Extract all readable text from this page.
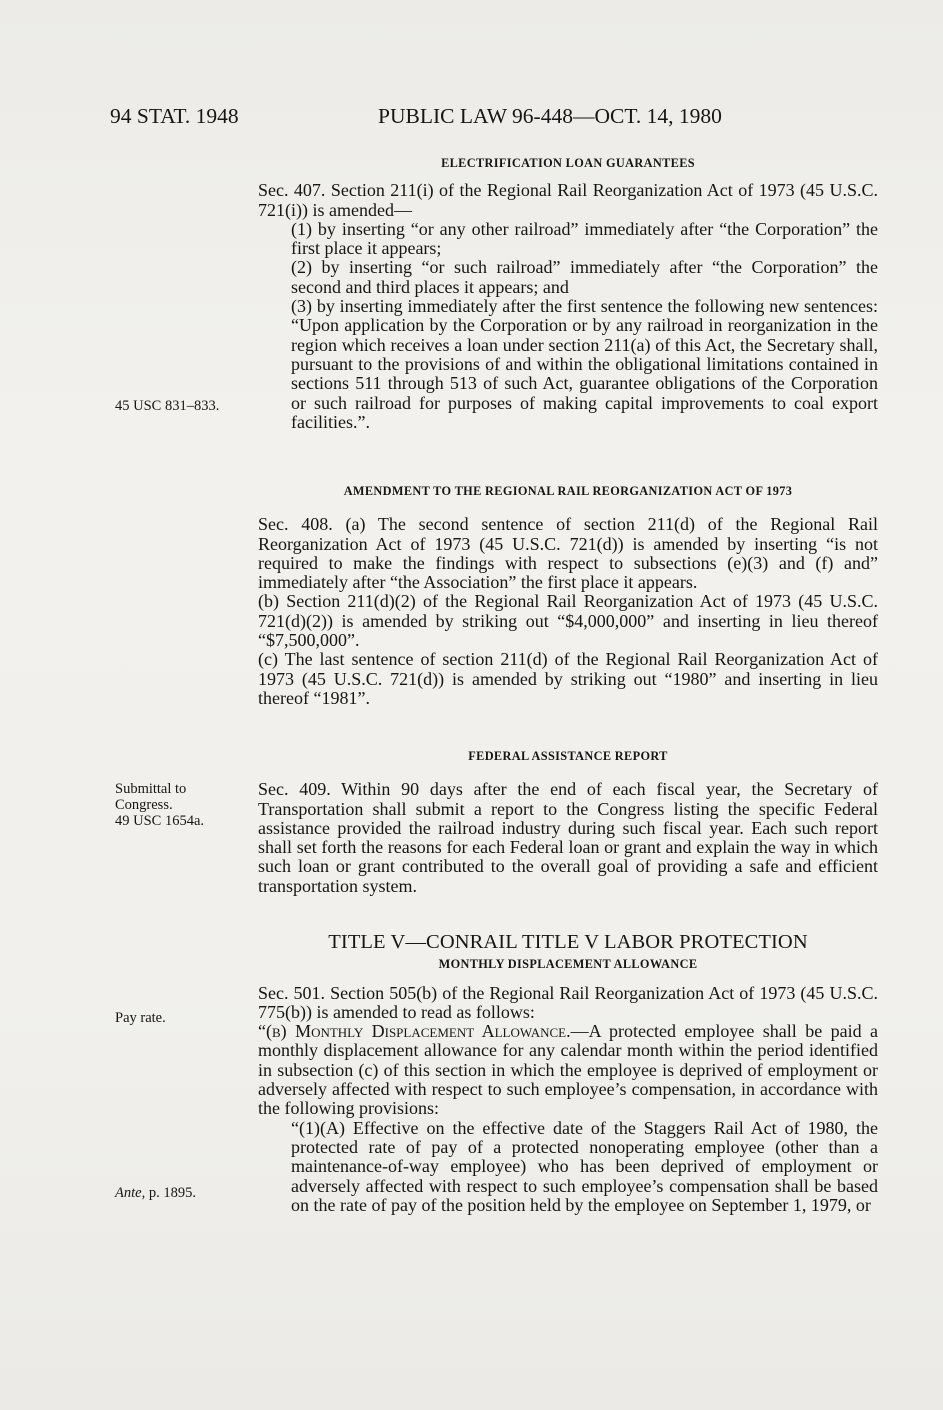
94 STAT. 1948	PUBLIC LAW 96-448—OCT. 14, 1980

ELECTRIFICATION LOAN GUARANTEES

Sec. 407. Section 211(i) of the Regional Rail Reorganization Act of 1973 (45 U.S.C. 721(i)) is amended—

(1) by inserting “or any other railroad” immediately after “the Corporation” the first place it appears;

(2) by inserting “or such railroad” immediately after “the Corporation” the second and third places it appears; and

(3) by inserting immediately after the first sentence the following new sentences: “Upon application by the Corporation or by any railroad in reorganization in the region which receives a loan under section 211(a) of this Act, the Secretary shall, pursuant to the provisions of and within the obligational limitations contained in sections 511 through 513 of such Act, guarantee obligations of the Corporation or such railroad for purposes of making capital improvements to coal export facilities.”.

AMENDMENT TO THE REGIONAL RAIL REORGANIZATION ACT OF 1973

Sec. 408. (a) The second sentence of section 211(d) of the Regional Rail Reorganization Act of 1973 (45 U.S.C. 721(d)) is amended by inserting “is not required to make the findings with respect to subsections (e)(3) and (f) and” immediately after “the Association” the first place it appears.

(b) Section 211(d)(2) of the Regional Rail Reorganization Act of 1973 (45 U.S.C. 721(d)(2)) is amended by striking out “$4,000,000” and inserting in lieu thereof “$7,500,000”.

(c) The last sentence of section 211(d) of the Regional Rail Reorganization Act of 1973 (45 U.S.C. 721(d)) is amended by striking out “1980” and inserting in lieu thereof “1981”.

FEDERAL ASSISTANCE REPORT

Sec. 409. Within 90 days after the end of each fiscal year, the Secretary of Transportation shall submit a report to the Congress listing the specific Federal assistance provided the railroad industry during such fiscal year. Each such report shall set forth the reasons for each Federal loan or grant and explain the way in which such loan or grant contributed to the overall goal of providing a safe and efficient transportation system.

TITLE V—CONRAIL TITLE V LABOR PROTECTION

MONTHLY DISPLACEMENT ALLOWANCE

Sec. 501. Section 505(b) of the Regional Rail Reorganization Act of 1973 (45 U.S.C. 775(b)) is amended to read as follows:

“(b) Monthly Displacement Allowance.—A protected employee shall be paid a monthly displacement allowance for any calendar month within the period identified in subsection (c) of this section in which the employee is deprived of employment or adversely affected with respect to such employee’s compensation, in accordance with the following provisions:

“(1)(A) Effective on the effective date of the Staggers Rail Act of 1980, the protected rate of pay of a protected nonoperating employee (other than a maintenance-of-way employee) who has been deprived of employment or adversely affected with respect to such employee’s compensation shall be based on the rate of pay of the position held by the employee on September 1, 1979, or

45 USC 831–833.
Submittal to
Congress.
49 USC 1654a.
Pay rate.
Ante, p. 1895.
